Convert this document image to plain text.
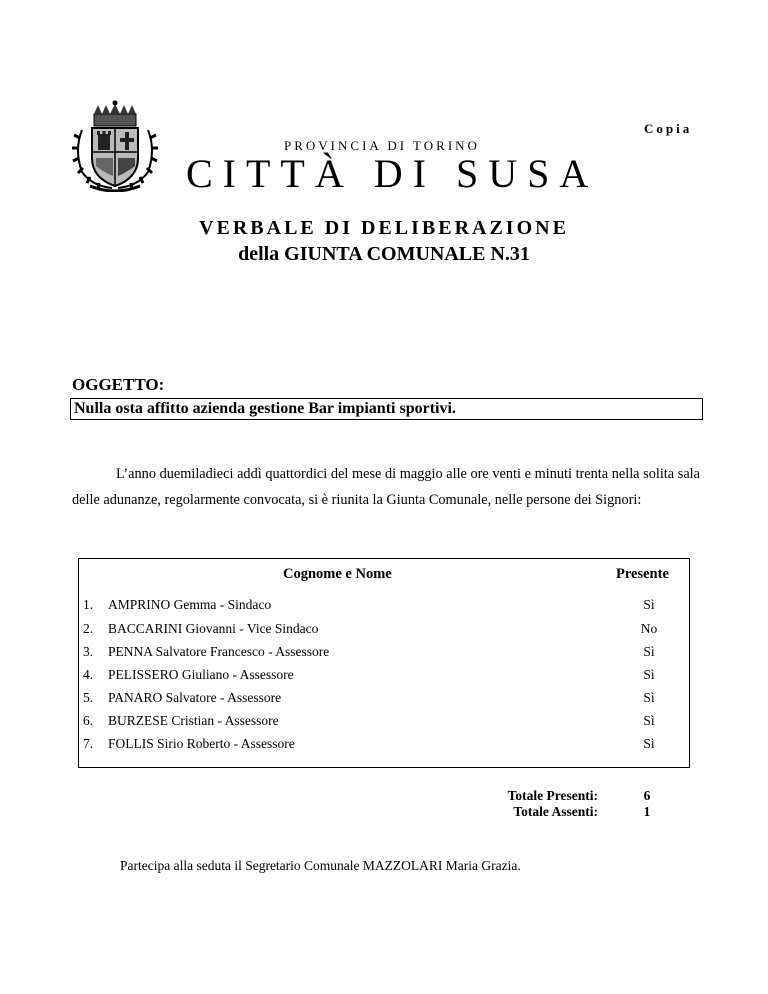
Copia
PROVINCIA DI TORINO
CITTÀ DI SUSA
VERBALE DI DELIBERAZIONE
della GIUNTA COMUNALE N.31
OGGETTO:
Nulla osta affitto azienda gestione Bar impianti sportivi.

L’anno duemiladieci addì quattordici del mese di maggio alle ore venti e minuti trenta nella solita sala delle adunanze, regolarmente convocata, si è riunita la Giunta Comunale, nelle persone dei Signori:

Cognome e Nome	Presente
1. AMPRINO Gemma - Sindaco	Sì
2. BACCARINI Giovanni - Vice Sindaco	No
3. PENNA Salvatore Francesco - Assessore	Sì
4. PELISSERO Giuliano - Assessore	Sì
5. PANARO Salvatore - Assessore	Sì
6. BURZESE Cristian - Assessore	Sì
7. FOLLIS Sirio Roberto - Assessore	Sì
Totale Presenti:	6
Totale Assenti:	1
Partecipa alla seduta il Segretario Comunale MAZZOLARI Maria Grazia.
